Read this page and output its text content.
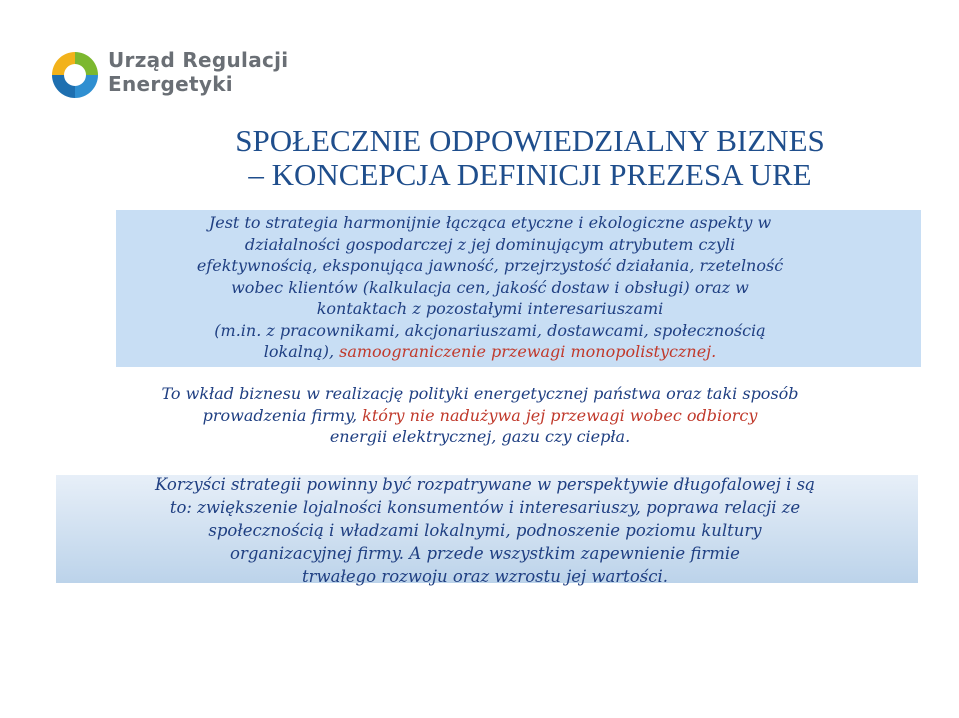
Urząd Regulacji
Energetyki
SPOŁECZNIE ODPOWIEDZIALNY BIZNES
– KONCEPCJA DEFINICJI PREZESA URE
Jest to strategia harmonijnie łącząca etyczne i ekologiczne aspekty w
działalności gospodarczej z jej dominującym atrybutem czyli
efektywnością, eksponująca jawność, przejrzystość działania, rzetelność
wobec klientów (kalkulacja cen, jakość dostaw i obsługi) oraz w
kontaktach z pozostałymi interesariuszami
(m.in. z pracownikami, akcjonariuszami, dostawcami, społecznością
lokalną), samoograniczenie przewagi monopolistycznej.
To wkład biznesu w realizację polityki energetycznej państwa oraz taki sposób
prowadzenia firmy, który nie nadużywa jej przewagi wobec odbiorcy
energii elektrycznej, gazu czy ciepła.
Korzyści strategii powinny być rozpatrywane w perspektywie długofalowej i są
to: zwiększenie lojalności konsumentów i interesariuszy, poprawa relacji ze
społecznością i władzami lokalnymi, podnoszenie poziomu kultury
organizacyjnej firmy. A przede wszystkim zapewnienie firmie
trwałego rozwoju oraz wzrostu jej wartości.
